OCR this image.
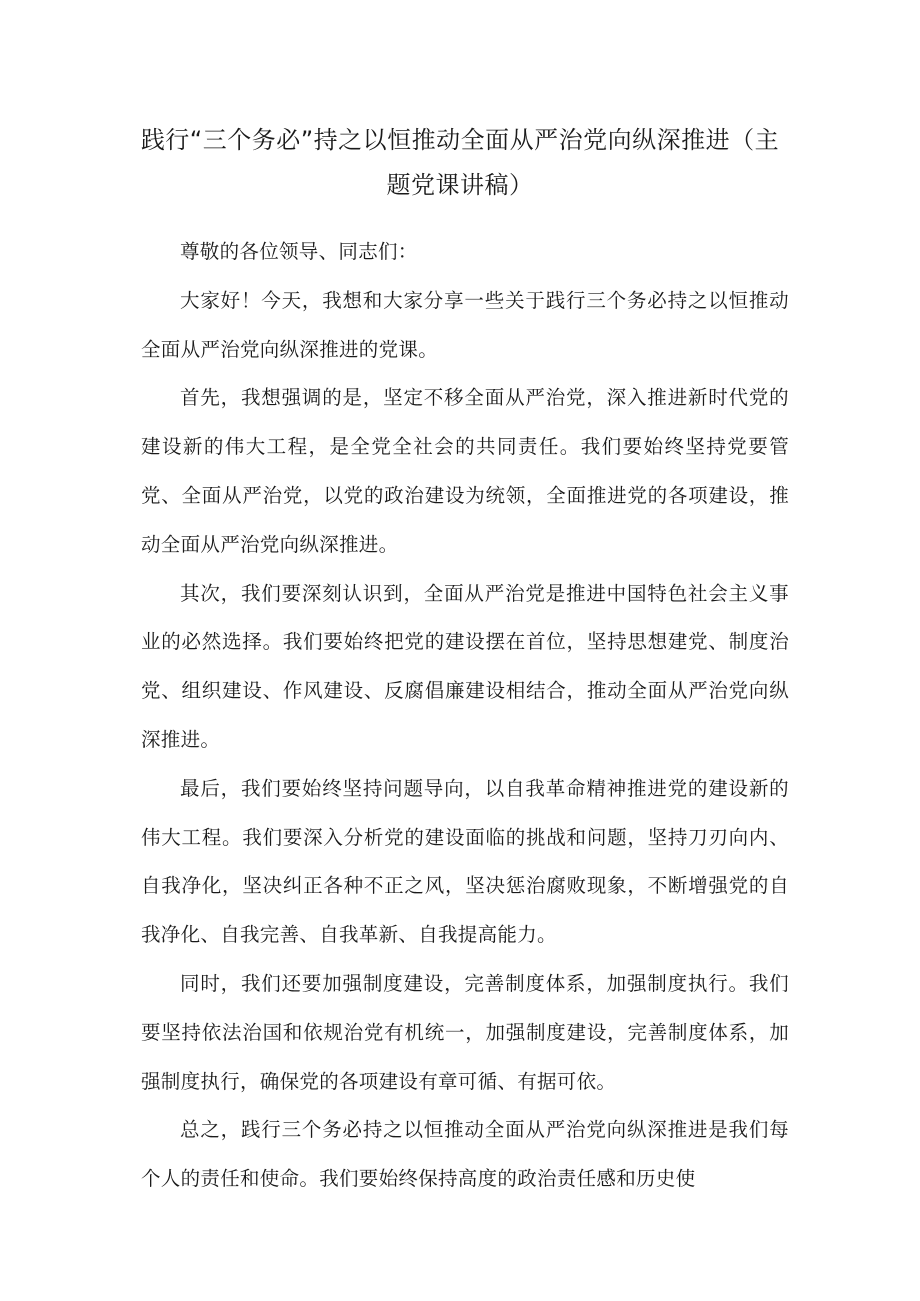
践行“三个务必”持之以恒推动全面从严治党向纵深推进（主题党课讲稿）

尊敬的各位领导、同志们：

大家好！今天，我想和大家分享一些关于践行三个务必持之以恒推动全面从严治党向纵深推进的党课。

首先，我想强调的是，坚定不移全面从严治党，深入推进新时代党的建设新的伟大工程，是全党全社会的共同责任。我们要始终坚持党要管党、全面从严治党，以党的政治建设为统领，全面推进党的各项建设，推动全面从严治党向纵深推进。

其次，我们要深刻认识到，全面从严治党是推进中国特色社会主义事业的必然选择。我们要始终把党的建设摆在首位，坚持思想建党、制度治党、组织建设、作风建设、反腐倡廉建设相结合，推动全面从严治党向纵深推进。

最后，我们要始终坚持问题导向，以自我革命精神推进党的建设新的伟大工程。我们要深入分析党的建设面临的挑战和问题，坚持刀刃向内、自我净化，坚决纠正各种不正之风，坚决惩治腐败现象，不断增强党的自我净化、自我完善、自我革新、自我提高能力。

同时，我们还要加强制度建设，完善制度体系，加强制度执行。我们要坚持依法治国和依规治党有机统一，加强制度建设，完善制度体系，加强制度执行，确保党的各项建设有章可循、有据可依。

总之，践行三个务必持之以恒推动全面从严治党向纵深推进是我们每个人的责任和使命。我们要始终保持高度的政治责任感和历史使
